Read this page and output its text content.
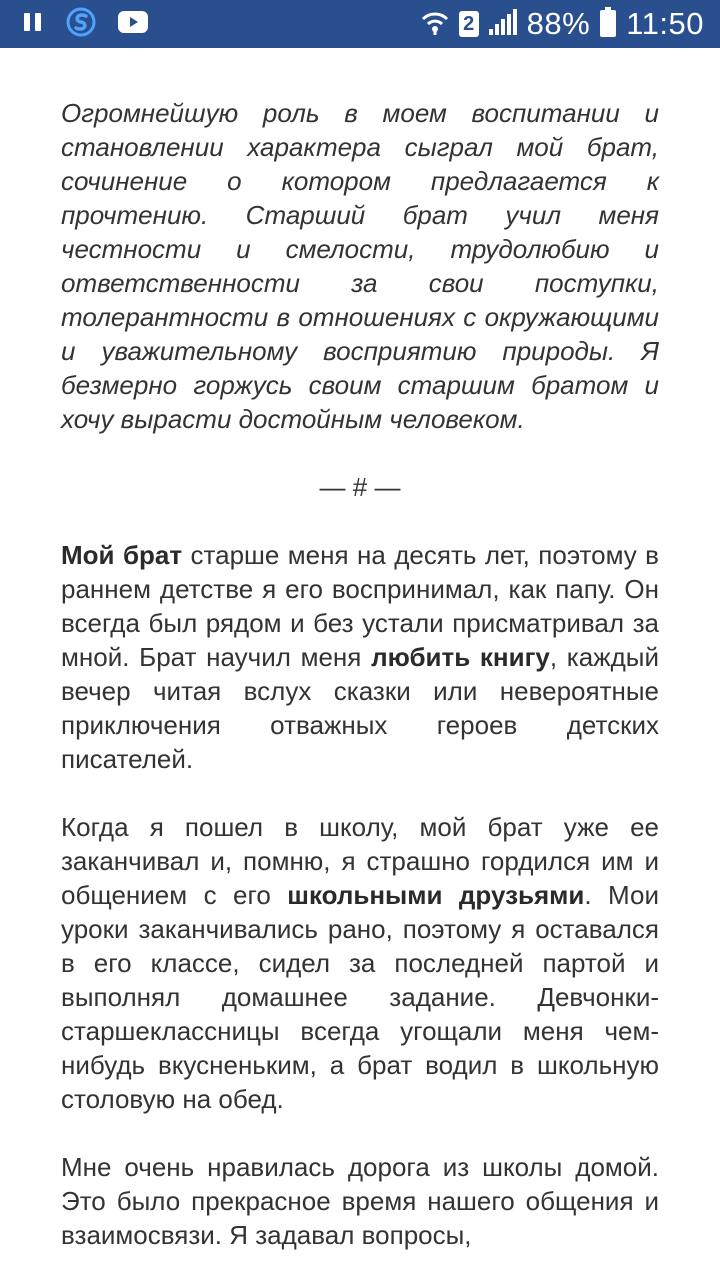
2 88% 11:50

Огромнейшую роль в моем воспитании и становлении характера сыграл мой брат, сочинение о котором предлагается к прочтению. Старший брат учил меня честности и смелости, трудолюбию и ответственности за свои поступки, толерантности в отношениях с окружающими и уважительному восприятию природы. Я безмерно горжусь своим старшим братом и хочу вырасти достойным человеком.

— # —

Мой брат старше меня на десять лет, поэтому в раннем детстве я его воспринимал, как папу. Он всегда был рядом и без устали присматривал за мной. Брат научил меня любить книгу, каждый вечер читая вслух сказки или невероятные приключения отважных героев детских писателей.

Когда я пошел в школу, мой брат уже ее заканчивал и, помню, я страшно гордился им и общением с его школьными друзьями. Мои уроки заканчивались рано, поэтому я оставался в его классе, сидел за последней партой и выполнял домашнее задание. Девчонки-старшеклассницы всегда угощали меня чем-нибудь вкусненьким, а брат водил в школьную столовую на обед.

Мне очень нравилась дорога из школы домой. Это было прекрасное время нашего общения и взаимосвязи. Я задавал вопросы,
